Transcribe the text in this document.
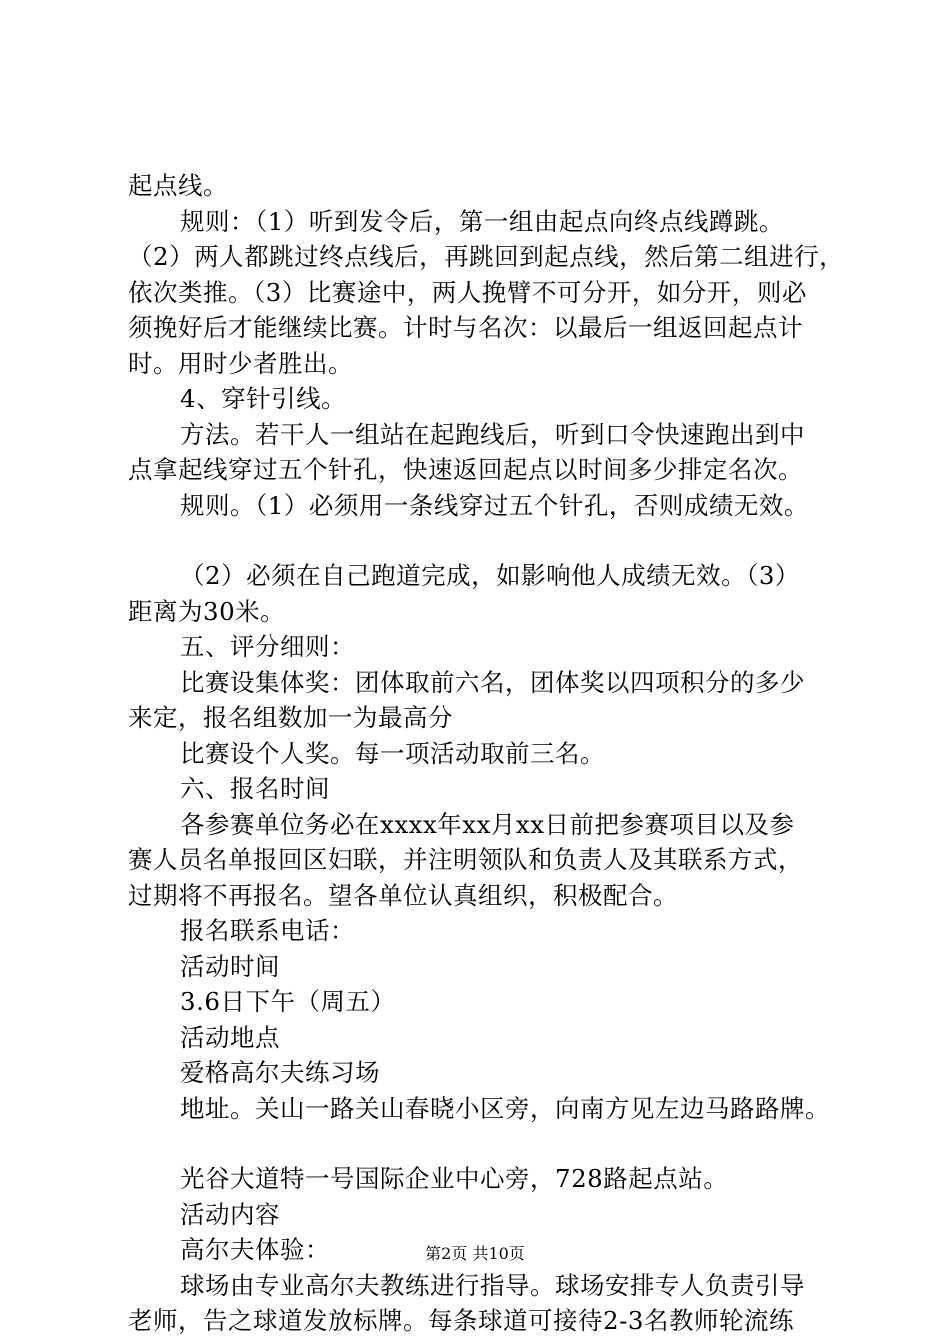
起点线。
规则：（1）听到发令后，第一组由起点向终点线蹲跳。
（2）两人都跳过终点线后，再跳回到起点线，然后第二组进行，
依次类推。（3）比赛途中，两人挽臂不可分开，如分开，则必
须挽好后才能继续比赛。计时与名次：以最后一组返回起点计
时。用时少者胜出。
4、穿针引线。
方法。若干人一组站在起跑线后，听到口令快速跑出到中
点拿起线穿过五个针孔，快速返回起点以时间多少排定名次。
规则。（1）必须用一条线穿过五个针孔，否则成绩无效。
（2）必须在自己跑道完成，如影响他人成绩无效。（3）
距离为30米。
五、评分细则：
比赛设集体奖：团体取前六名，团体奖以四项积分的多少
来定，报名组数加一为最高分
比赛设个人奖。每一项活动取前三名。
六、报名时间
各参赛单位务必在xxxx年xx月xx日前把参赛项目以及参
赛人员名单报回区妇联，并注明领队和负责人及其联系方式，
过期将不再报名。望各单位认真组织，积极配合。
报名联系电话：
活动时间
3.6日下午（周五）
活动地点
爱格高尔夫练习场
地址。关山一路关山春晓小区旁，向南方见左边马路路牌。
光谷大道特一号国际企业中心旁，728路起点站。
活动内容
高尔夫体验：
球场由专业高尔夫教练进行指导。球场安排专人负责引导
老师，告之球道发放标牌。每条球道可接待2-3名教师轮流练
第2页 共10页
